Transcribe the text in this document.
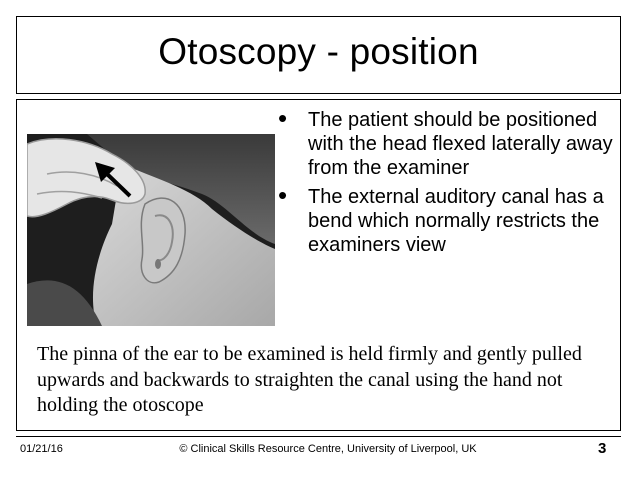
Otoscopy - position
• The patient should be positioned with the head flexed laterally away from the examiner
• The external auditory canal has a bend which normally restricts the examiners view
The pinna of the ear to be examined is held firmly and gently pulled upwards and backwards to straighten the canal using the hand not holding the otoscope
01/21/16	© Clinical Skills Resource Centre, University of Liverpool, UK	3
